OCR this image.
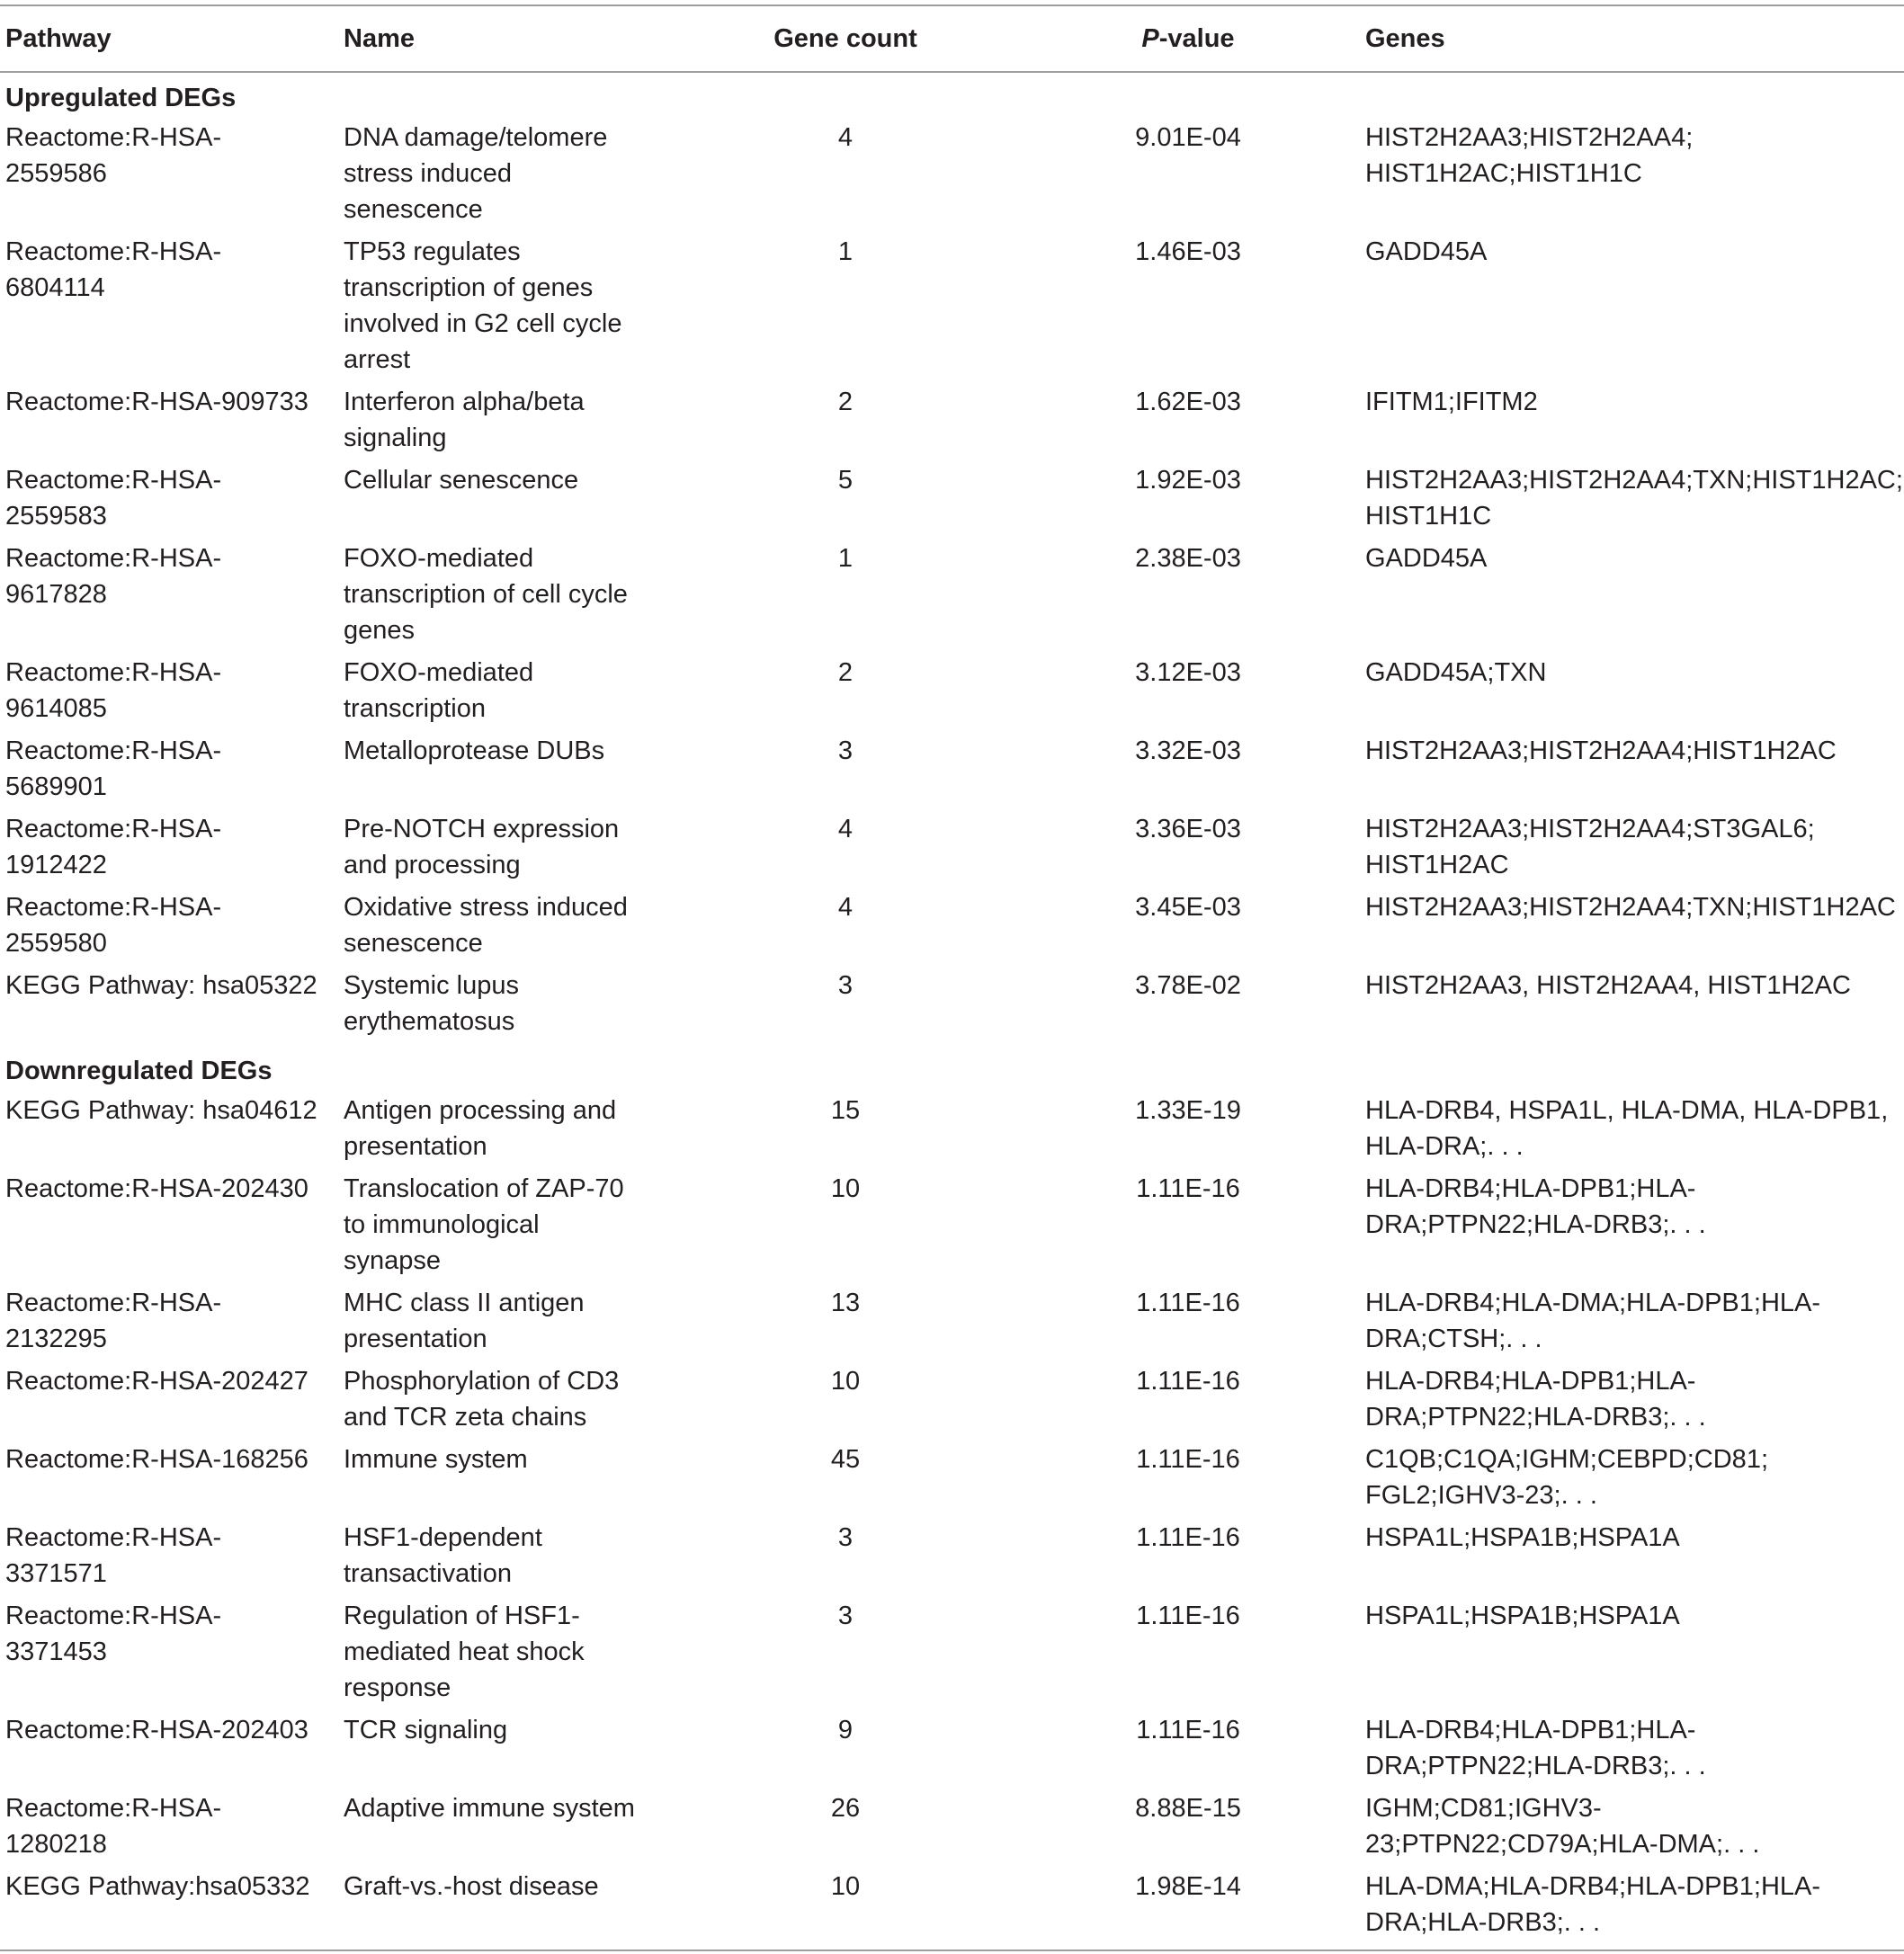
Pathway	Name	Gene count	P-value	Genes
Upregulated DEGs				
Reactome:R-HSA-2559586	DNA damage/telomere stress induced senescence	4	9.01E-04	HIST2H2AA3;HIST2H2AA4; HIST1H2AC;HIST1H1C
Reactome:R-HSA-6804114	TP53 regulates transcription of genes involved in G2 cell cycle arrest	1	1.46E-03	GADD45A
Reactome:R-HSA-909733	Interferon alpha/beta signaling	2	1.62E-03	IFITM1;IFITM2
Reactome:R-HSA-2559583	Cellular senescence	5	1.92E-03	HIST2H2AA3;HIST2H2AA4;TXN;HIST1H2AC; HIST1H1C
Reactome:R-HSA-9617828	FOXO-mediated transcription of cell cycle genes	1	2.38E-03	GADD45A
Reactome:R-HSA-9614085	FOXO-mediated transcription	2	3.12E-03	GADD45A;TXN
Reactome:R-HSA-5689901	Metalloprotease DUBs	3	3.32E-03	HIST2H2AA3;HIST2H2AA4;HIST1H2AC
Reactome:R-HSA-1912422	Pre-NOTCH expression and processing	4	3.36E-03	HIST2H2AA3;HIST2H2AA4;ST3GAL6; HIST1H2AC
Reactome:R-HSA-2559580	Oxidative stress induced senescence	4	3.45E-03	HIST2H2AA3;HIST2H2AA4;TXN;HIST1H2AC
KEGG Pathway: hsa05322	Systemic lupus erythematosus	3	3.78E-02	HIST2H2AA3, HIST2H2AA4, HIST1H2AC
Downregulated DEGs				
KEGG Pathway: hsa04612	Antigen processing and presentation	15	1.33E-19	HLA-DRB4, HSPA1L, HLA-DMA, HLA-DPB1, HLA-DRA;. . .
Reactome:R-HSA-202430	Translocation of ZAP-70 to immunological synapse	10	1.11E-16	HLA-DRB4;HLA-DPB1;HLA-DRA;PTPN22;HLA-DRB3;. . .
Reactome:R-HSA-2132295	MHC class II antigen presentation	13	1.11E-16	HLA-DRB4;HLA-DMA;HLA-DPB1;HLA-DRA;CTSH;. . .
Reactome:R-HSA-202427	Phosphorylation of CD3 and TCR zeta chains	10	1.11E-16	HLA-DRB4;HLA-DPB1;HLA-DRA;PTPN22;HLA-DRB3;. . .
Reactome:R-HSA-168256	Immune system	45	1.11E-16	C1QB;C1QA;IGHM;CEBPD;CD81; FGL2;IGHV3-23;. . .
Reactome:R-HSA-3371571	HSF1-dependent transactivation	3	1.11E-16	HSPA1L;HSPA1B;HSPA1A
Reactome:R-HSA-3371453	Regulation of HSF1-mediated heat shock response	3	1.11E-16	HSPA1L;HSPA1B;HSPA1A
Reactome:R-HSA-202403	TCR signaling	9	1.11E-16	HLA-DRB4;HLA-DPB1;HLA-DRA;PTPN22;HLA-DRB3;. . .
Reactome:R-HSA-1280218	Adaptive immune system	26	8.88E-15	IGHM;CD81;IGHV3-23;PTPN22;CD79A;HLA-DMA;. . .
KEGG Pathway:hsa05332	Graft-vs.-host disease	10	1.98E-14	HLA-DMA;HLA-DRB4;HLA-DPB1;HLA-DRA;HLA-DRB3;. . .
